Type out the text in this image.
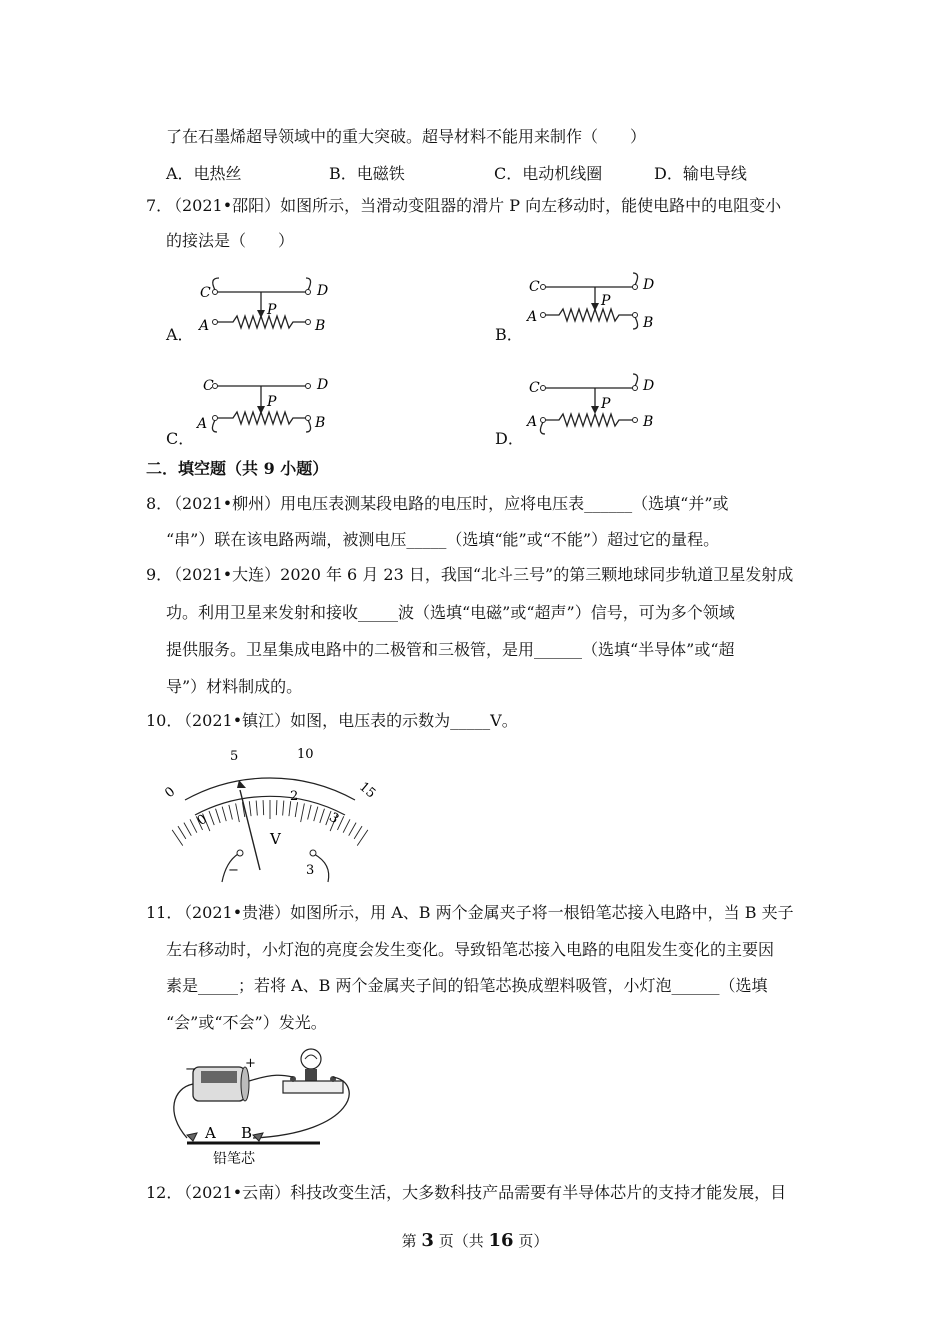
了在石墨烯超导领域中的重大突破。超导材料不能用来制作（　　）
A．电热丝	B．电磁铁	C．电动机线圈	D．输电导线
7．
（2021•邵阳）如图所示，当滑动变阻器的滑片 P 向左移动时，能使电路中的电阻变小
的接法是（　　）
A．	B．
C．	D．
C	D
A	B
P
C	D
A	B
P
C	D
A	B
P
C	D
A	B
P
二．填空题（共 9 小题）
8．
（2021•柳州）用电压表测某段电路的电压时，应将电压表______（选填“并”或
“串”）联在该电路两端，被测电压_____（选填“能”或“不能”）超过它的量程。
9．
（2021•大连）2020 年 6 月 23 日，我国“北斗三号”的第三颗地球同步轨道卫星发射成
功。利用卫星来发射和接收_____波（选填“电磁”或“超声”）信号，可为多个领域
提供服务。卫星集成电路中的二极管和三极管，是用______（选填“半导体”或“超
导”）材料制成的。
10．
（2021•镇江）如图，电压表的示数为_____V。
0
5	10
15
0
2
3
V
−	3
11．
（2021•贵港）如图所示，用 A、B 两个金属夹子将一根铅笔芯接入电路中，当 B 夹子
左右移动时，小灯泡的亮度会发生变化。导致铅笔芯接入电路的电阻发生变化的主要因
素是_____；若将 A、B 两个金属夹子间的铅笔芯换成塑料吸管，小灯泡______（选填
“会”或“不会”）发光。
−	+
A B
铅笔芯
12．
（2021•云南）科技改变生活，大多数科技产品需要有半导体芯片的支持才能发展，目
第 3 页（共 16 页）
